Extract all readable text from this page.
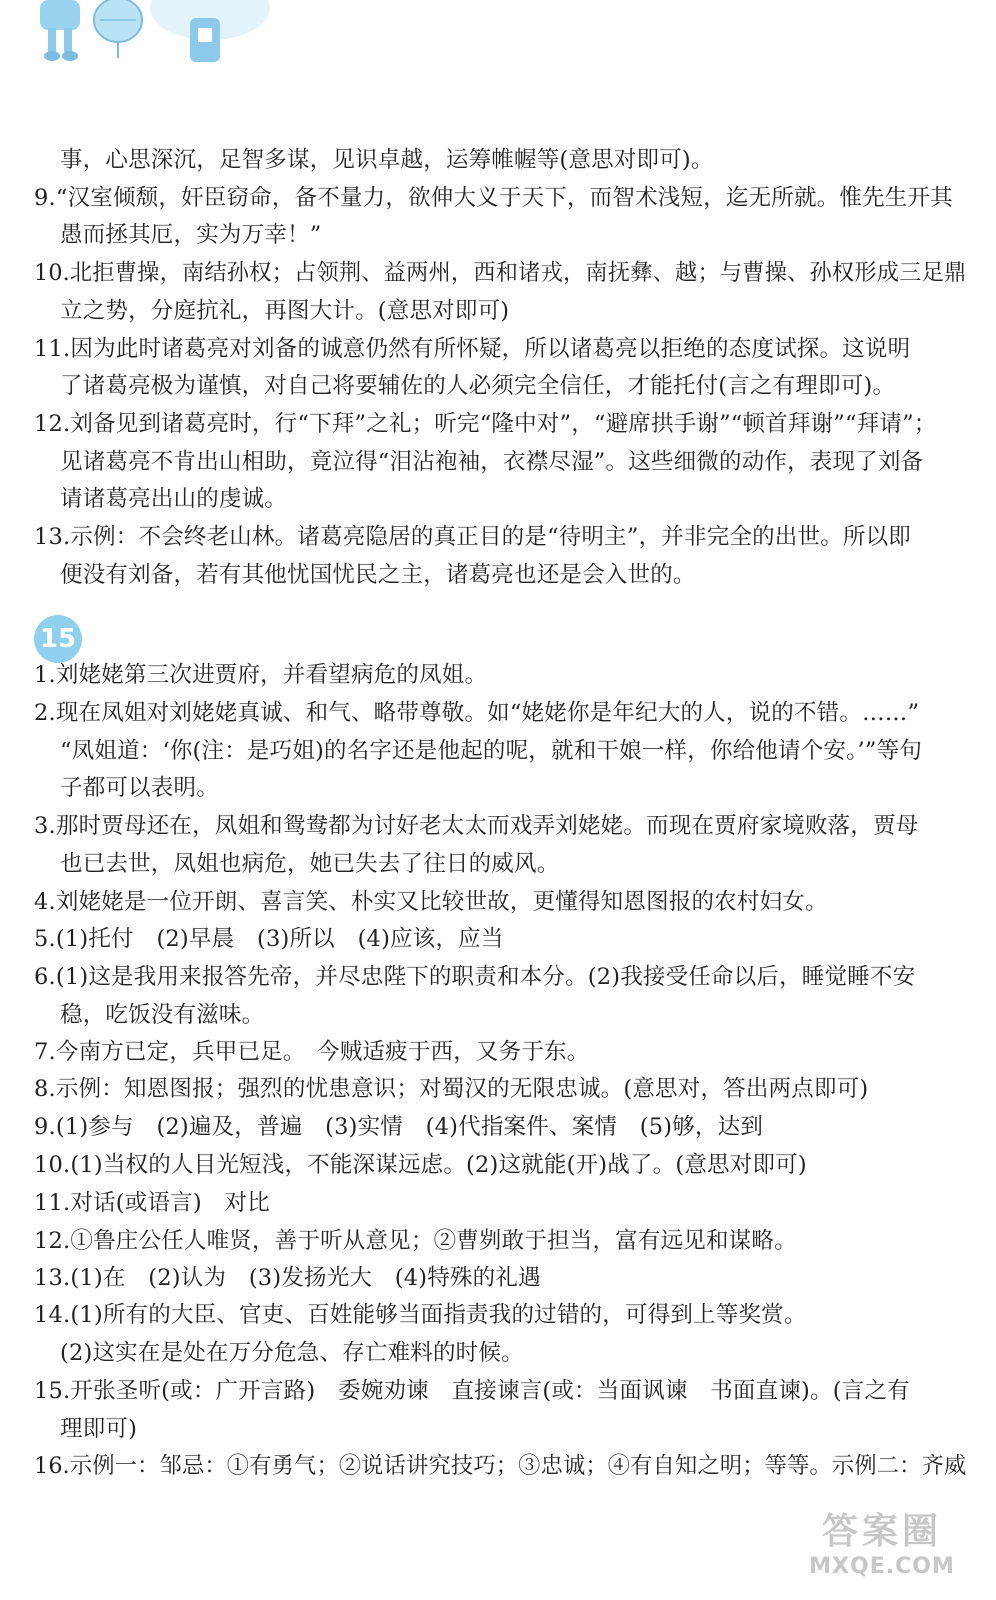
事，心思深沉，足智多谋，见识卓越，运筹帷幄等(意思对即可)。
9.“汉室倾颓，奸臣窃命，备不量力，欲伸大义于天下，而智术浅短，迄无所就。惟先生开其
愚而拯其厄，实为万幸！”
10.北拒曹操，南结孙权；占领荆、益两州，西和诸戎，南抚彝、越；与曹操、孙权形成三足鼎
立之势，分庭抗礼，再图大计。(意思对即可)
11.因为此时诸葛亮对刘备的诚意仍然有所怀疑，所以诸葛亮以拒绝的态度试探。这说明
了诸葛亮极为谨慎，对自己将要辅佐的人必须完全信任，才能托付(言之有理即可)。
12.刘备见到诸葛亮时，行“下拜”之礼；听完“隆中对”，“避席拱手谢”“顿首拜谢”“拜请”；
见诸葛亮不肯出山相助，竟泣得“泪沾袍袖，衣襟尽湿”。这些细微的动作，表现了刘备
请诸葛亮出山的虔诚。
13.示例：不会终老山林。诸葛亮隐居的真正目的是“待明主”，并非完全的出世。所以即
便没有刘备，若有其他忧国忧民之主，诸葛亮也还是会入世的。
15
1.刘姥姥第三次进贾府，并看望病危的凤姐。
2.现在凤姐对刘姥姥真诚、和气、略带尊敬。如“姥姥你是年纪大的人，说的不错。……”
“凤姐道：‘你(注：是巧姐)的名字还是他起的呢，就和干娘一样，你给他请个安。’”等句
子都可以表明。
3.那时贾母还在，凤姐和鸳鸯都为讨好老太太而戏弄刘姥姥。而现在贾府家境败落，贾母
也已去世，凤姐也病危，她已失去了往日的威风。
4.刘姥姥是一位开朗、喜言笑、朴实又比较世故，更懂得知恩图报的农村妇女。
5.(1)托付　(2)早晨　(3)所以　(4)应该，应当
6.(1)这是我用来报答先帝，并尽忠陛下的职责和本分。(2)我接受任命以后，睡觉睡不安
稳，吃饭没有滋味。
7.今南方已定，兵甲已足。　今贼适疲于西，又务于东。
8.示例：知恩图报；强烈的忧患意识；对蜀汉的无限忠诚。(意思对，答出两点即可)
9.(1)参与　(2)遍及，普遍　(3)实情　(4)代指案件、案情　(5)够，达到
10.(1)当权的人目光短浅，不能深谋远虑。(2)这就能(开)战了。(意思对即可)
11.对话(或语言)　对比
12.①鲁庄公任人唯贤，善于听从意见；②曹刿敢于担当，富有远见和谋略。
13.(1)在　(2)认为　(3)发扬光大　(4)特殊的礼遇
14.(1)所有的大臣、官吏、百姓能够当面指责我的过错的，可得到上等奖赏。
(2)这实在是处在万分危急、存亡难料的时候。
15.开张圣听(或：广开言路)　委婉劝谏　直接谏言(或：当面讽谏　书面直谏)。(言之有
理即可)
16.示例一：邹忌：①有勇气；②说话讲究技巧；③忠诚；④有自知之明；等等。示例二：齐威
答案圈
MXQE.COM
